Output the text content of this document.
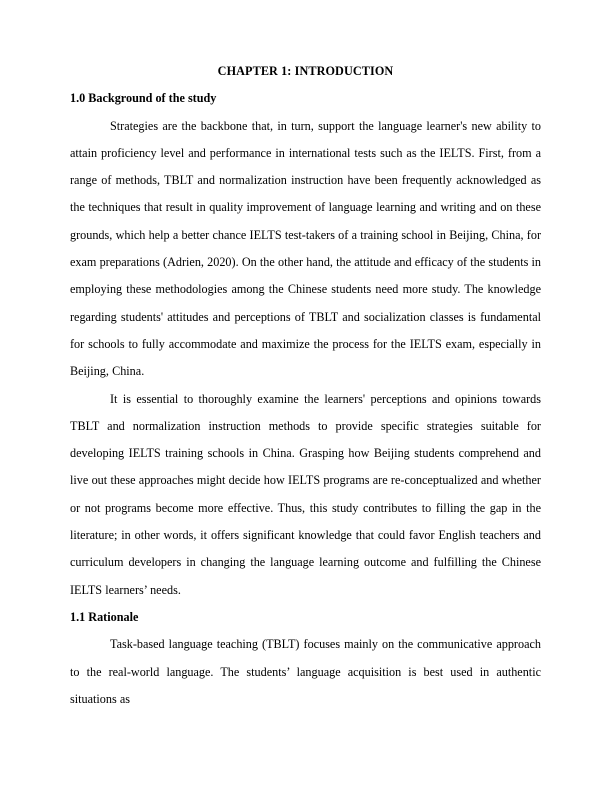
CHAPTER 1: INTRODUCTION
1.0 Background of the study

Strategies are the backbone that, in turn, support the language learner's new ability to attain proficiency level and performance in international tests such as the IELTS. First, from a range of methods, TBLT and normalization instruction have been frequently acknowledged as the techniques that result in quality improvement of language learning and writing and on these grounds, which help a better chance IELTS test-takers of a training school in Beijing, China, for exam preparations (Adrien, 2020). On the other hand, the attitude and efficacy of the students in employing these methodologies among the Chinese students need more study. The knowledge regarding students' attitudes and perceptions of TBLT and socialization classes is fundamental for schools to fully accommodate and maximize the process for the IELTS exam, especially in Beijing, China.

It is essential to thoroughly examine the learners' perceptions and opinions towards TBLT and normalization instruction methods to provide specific strategies suitable for developing IELTS training schools in China. Grasping how Beijing students comprehend and live out these approaches might decide how IELTS programs are re-conceptualized and whether or not programs become more effective. Thus, this study contributes to filling the gap in the literature; in other words, it offers significant knowledge that could favor English teachers and curriculum developers in changing the language learning outcome and fulfilling the Chinese IELTS learners’ needs.

1.1 Rationale

Task-based language teaching (TBLT) focuses mainly on the communicative approach to the real-world language. The students’ language acquisition is best used in authentic situations as
